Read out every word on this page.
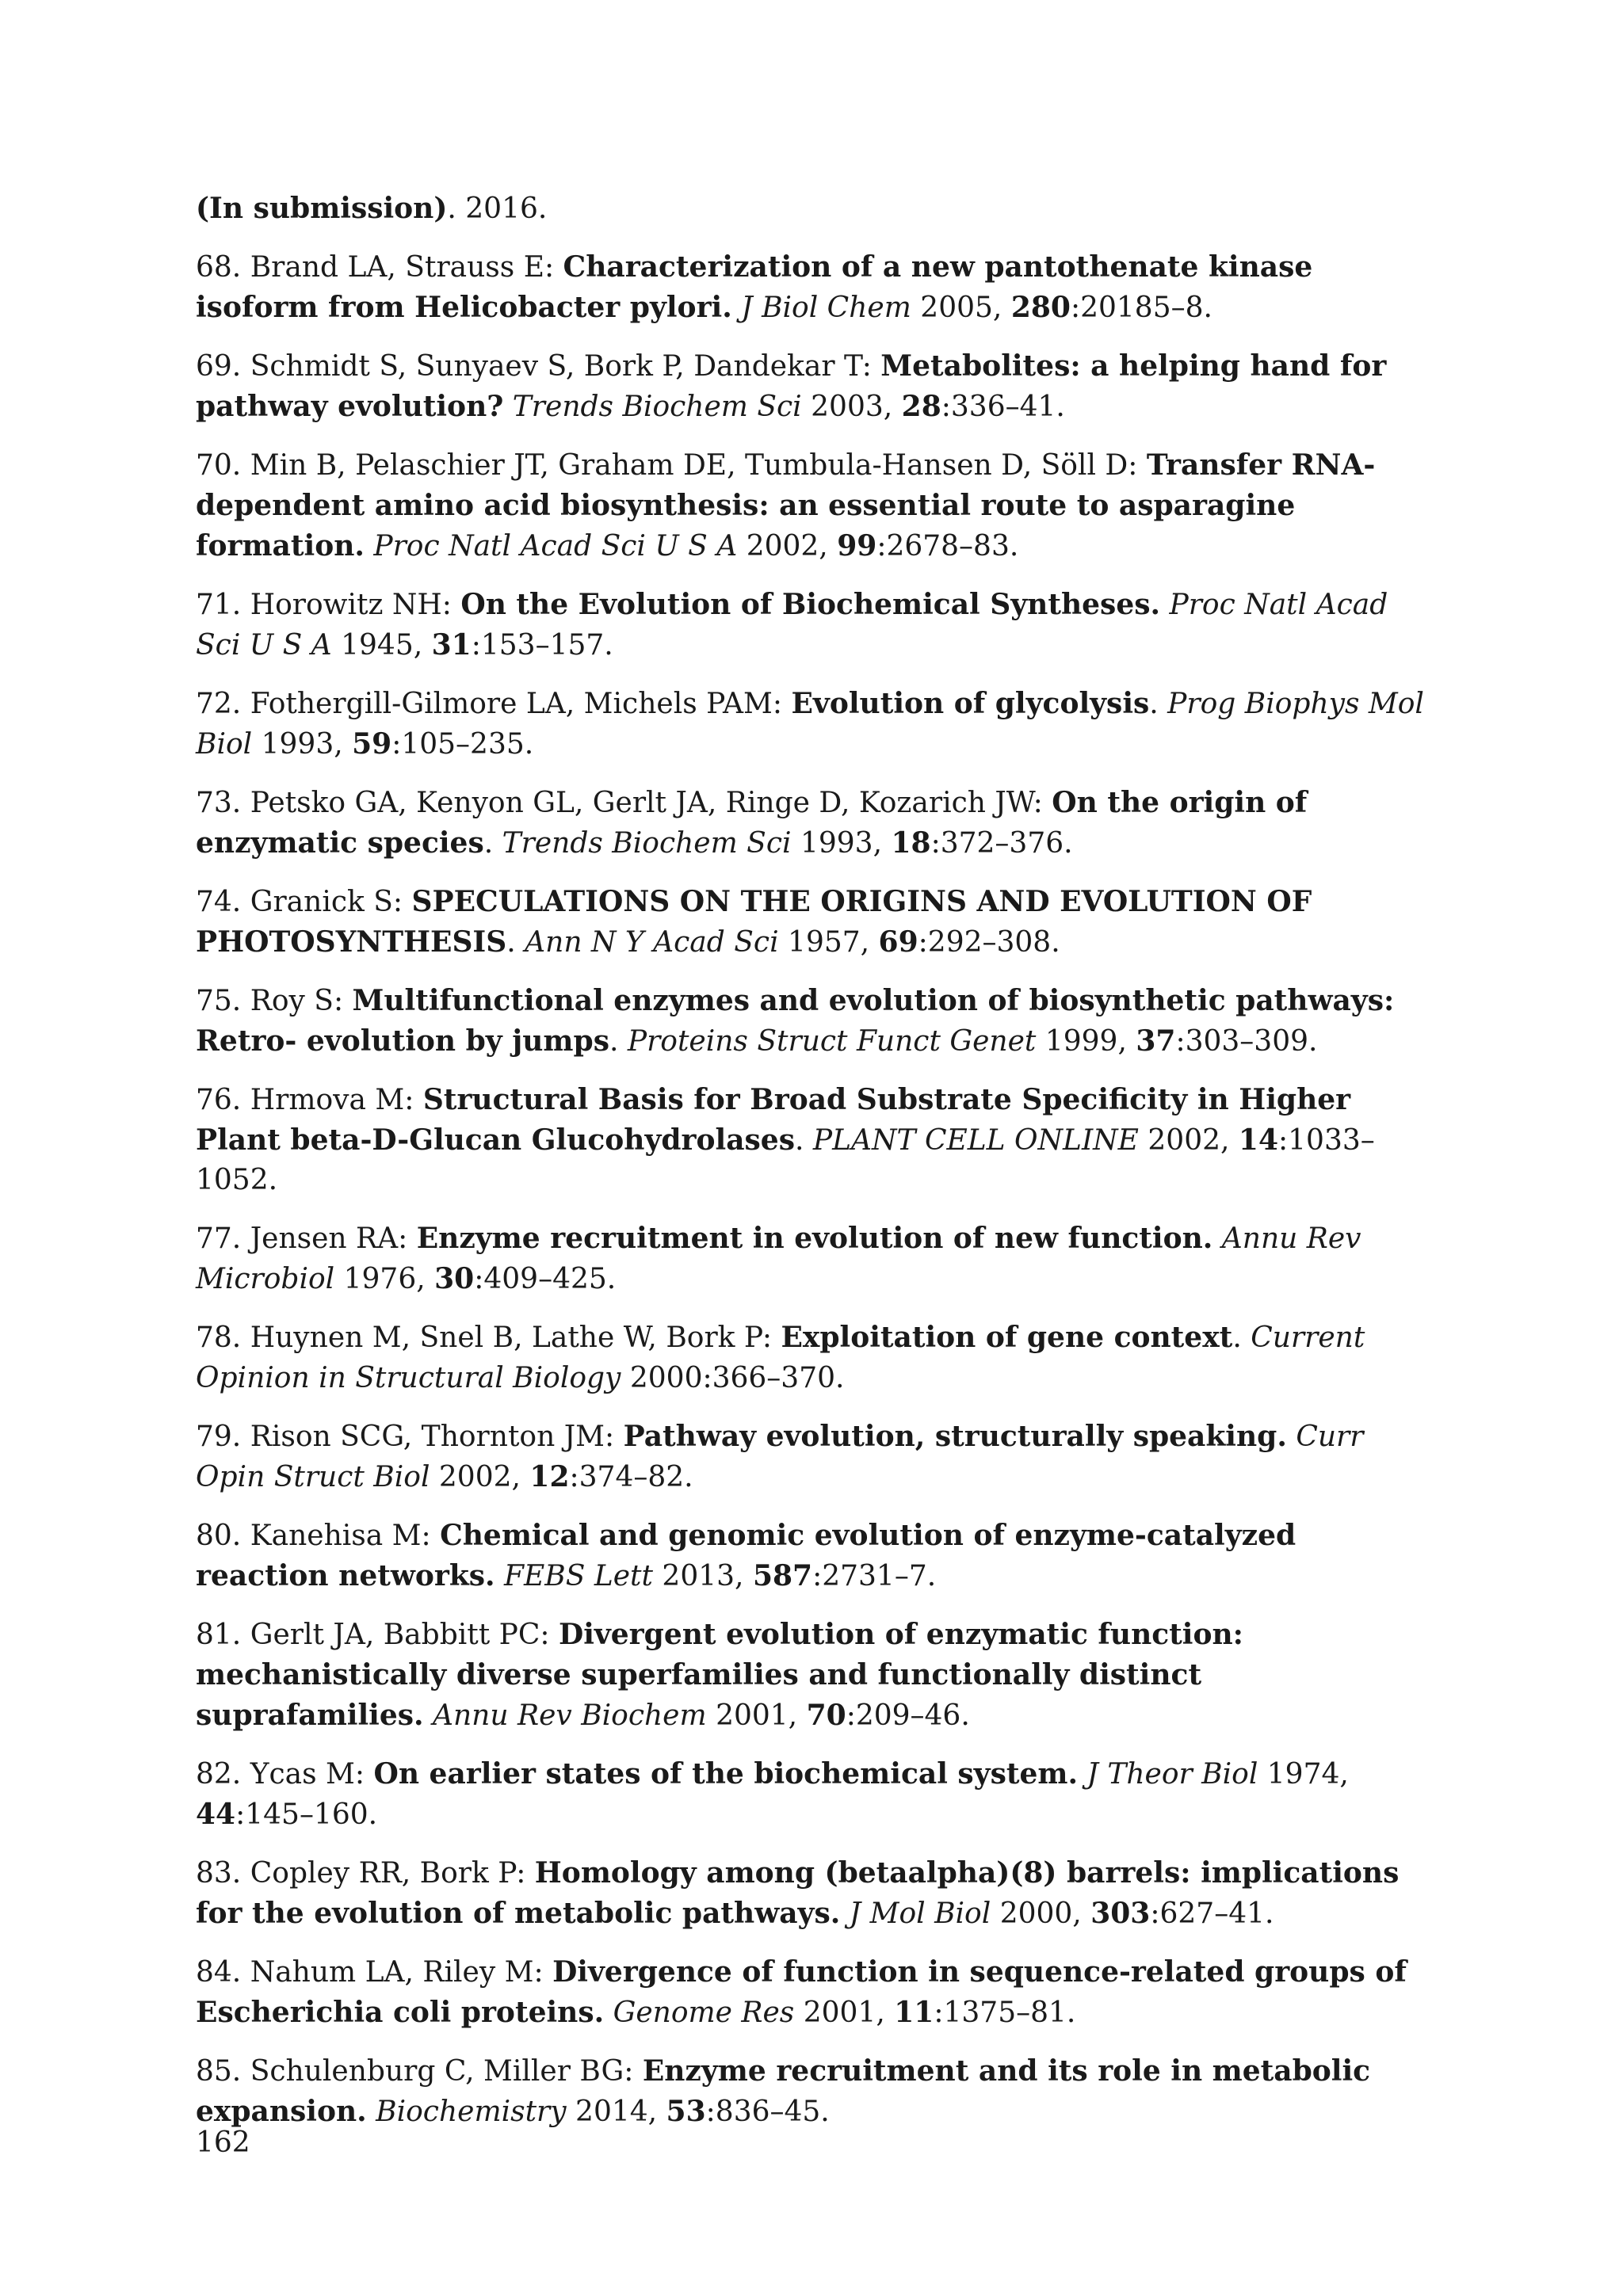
(In submission). 2016.

68. Brand LA, Strauss E: Characterization of a new pantothenate kinase isoform from Helicobacter pylori. J Biol Chem 2005, 280:20185–8.

69. Schmidt S, Sunyaev S, Bork P, Dandekar T: Metabolites: a helping hand for pathway evolution? Trends Biochem Sci 2003, 28:336–41.

70. Min B, Pelaschier JT, Graham DE, Tumbula-Hansen D, Söll D: Transfer RNA-dependent amino acid biosynthesis: an essential route to asparagine formation. Proc Natl Acad Sci U S A 2002, 99:2678–83.

71. Horowitz NH: On the Evolution of Biochemical Syntheses. Proc Natl Acad Sci U S A 1945, 31:153–157.

72. Fothergill-Gilmore LA, Michels PAM: Evolution of glycolysis. Prog Biophys Mol Biol 1993, 59:105–235.

73. Petsko GA, Kenyon GL, Gerlt JA, Ringe D, Kozarich JW: On the origin of enzymatic species. Trends Biochem Sci 1993, 18:372–376.

74. Granick S: SPECULATIONS ON THE ORIGINS AND EVOLUTION OF PHOTOSYNTHESIS. Ann N Y Acad Sci 1957, 69:292–308.

75. Roy S: Multifunctional enzymes and evolution of biosynthetic pathways: Retro- evolution by jumps. Proteins Struct Funct Genet 1999, 37:303–309.

76. Hrmova M: Structural Basis for Broad Substrate Specificity in Higher Plant beta-D-Glucan Glucohydrolases. PLANT CELL ONLINE 2002, 14:1033–1052.

77. Jensen RA: Enzyme recruitment in evolution of new function. Annu Rev Microbiol 1976, 30:409–425.

78. Huynen M, Snel B, Lathe W, Bork P: Exploitation of gene context. Current Opinion in Structural Biology 2000:366–370.

79. Rison SCG, Thornton JM: Pathway evolution, structurally speaking. Curr Opin Struct Biol 2002, 12:374–82.

80. Kanehisa M: Chemical and genomic evolution of enzyme-catalyzed reaction networks. FEBS Lett 2013, 587:2731–7.

81. Gerlt JA, Babbitt PC: Divergent evolution of enzymatic function: mechanistically diverse superfamilies and functionally distinct suprafamilies. Annu Rev Biochem 2001, 70:209–46.

82. Ycas M: On earlier states of the biochemical system. J Theor Biol 1974, 44:145–160.

83. Copley RR, Bork P: Homology among (betaalpha)(8) barrels: implications for the evolution of metabolic pathways. J Mol Biol 2000, 303:627–41.

84. Nahum LA, Riley M: Divergence of function in sequence-related groups of Escherichia coli proteins. Genome Res 2001, 11:1375–81.

85. Schulenburg C, Miller BG: Enzyme recruitment and its role in metabolic expansion. Biochemistry 2014, 53:836–45.

162
